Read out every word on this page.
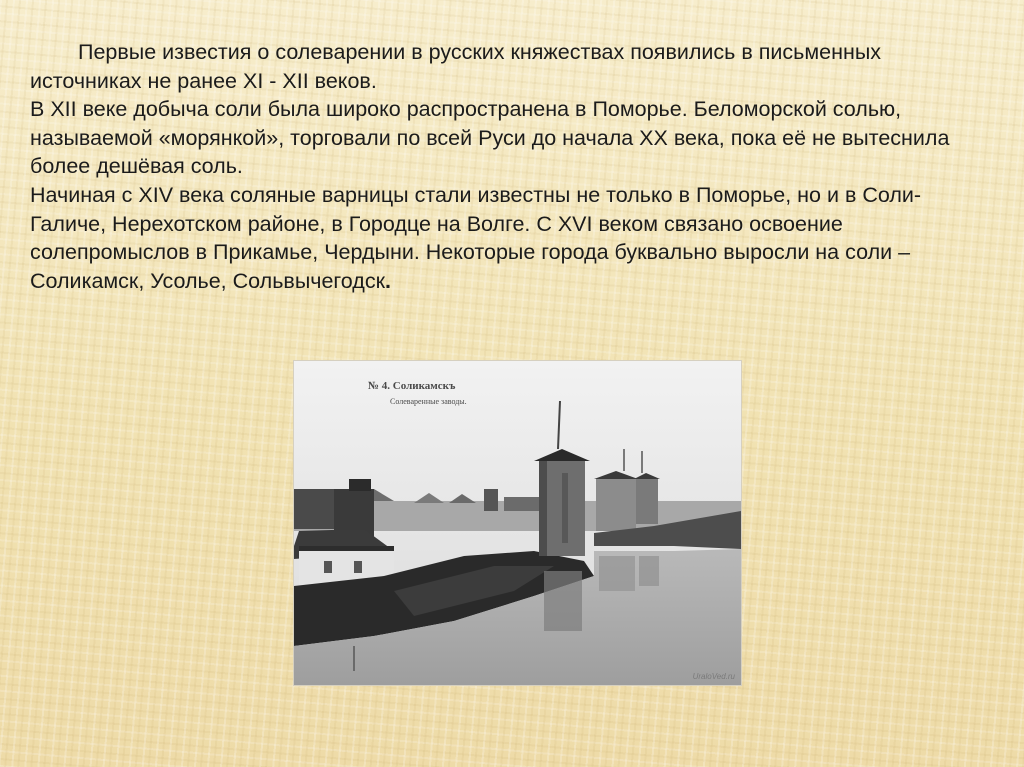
Первые известия о солеварении в русских княжествах появились в письменных источниках не ранее XI - XII веков.

В XII веке добыча соли была широко распространена в Поморье. Беломорской солью, называемой «морянкой», торговали по всей Руси до начала XX века, пока её не вытеснила более дешёвая соль.

Начиная с XIV века соляные варницы стали известны не только в Поморье, но и в Соли-Галиче, Нерехотском районе, в Городце на Волге. С XVI веком связано освоение солепромыслов в Прикамье, Чердыни. Некоторые города буквально выросли на соли – Соликамск, Усолье, Сольвычегодск.

№ 4. Соликамскъ
Солеваренные заводы.
UralоVed.ru
